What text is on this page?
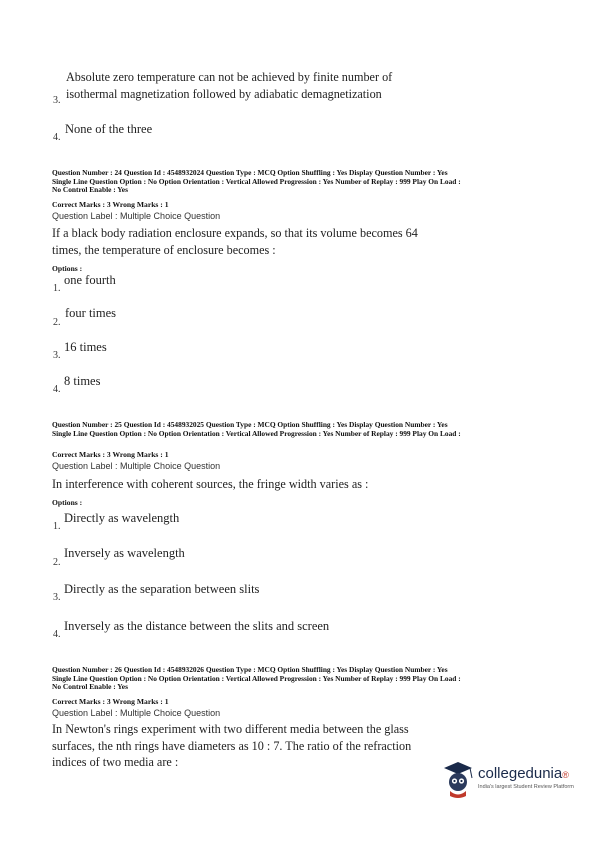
Absolute zero temperature can not be achieved by finite number of
isothermal magnetization followed by adiabatic demagnetization
3.
4.
None of the three
Question Number : 24 Question Id : 4548932024 Question Type : MCQ Option Shuffling : Yes Display Question Number : Yes
Single Line Question Option : No Option Orientation : Vertical Allowed Progression : Yes Number of Replay : 999 Play On Load :
No Control Enable : Yes
Correct Marks : 3 Wrong Marks : 1
Question Label : Multiple Choice Question
If a black body radiation enclosure expands, so that its volume becomes 64
times, the temperature of enclosure becomes :
Options :
1.
one fourth
2.
four times
3.
16 times
4.
8 times
Question Number : 25 Question Id : 4548932025 Question Type : MCQ Option Shuffling : Yes Display Question Number : Yes
Single Line Question Option : No Option Orientation : Vertical Allowed Progression : Yes Number of Replay : 999 Play On Load :
Correct Marks : 3 Wrong Marks : 1
Question Label : Multiple Choice Question
In interference with coherent sources, the fringe width varies as :
Options :
1.
Directly as wavelength
2.
Inversely as wavelength
3.
Directly as the separation between slits
4.
Inversely as the distance between the slits and screen
Question Number : 26 Question Id : 4548932026 Question Type : MCQ Option Shuffling : Yes Display Question Number : Yes
Single Line Question Option : No Option Orientation : Vertical Allowed Progression : Yes Number of Replay : 999 Play On Load :
No Control Enable : Yes
Correct Marks : 3 Wrong Marks : 1
Question Label : Multiple Choice Question
In Newton's rings experiment with two different media between the glass
surfaces, the nth rings have diameters as 10 : 7. The ratio of the refraction
indices of two media are :
collegedunia®
India's largest Student Review Platform
